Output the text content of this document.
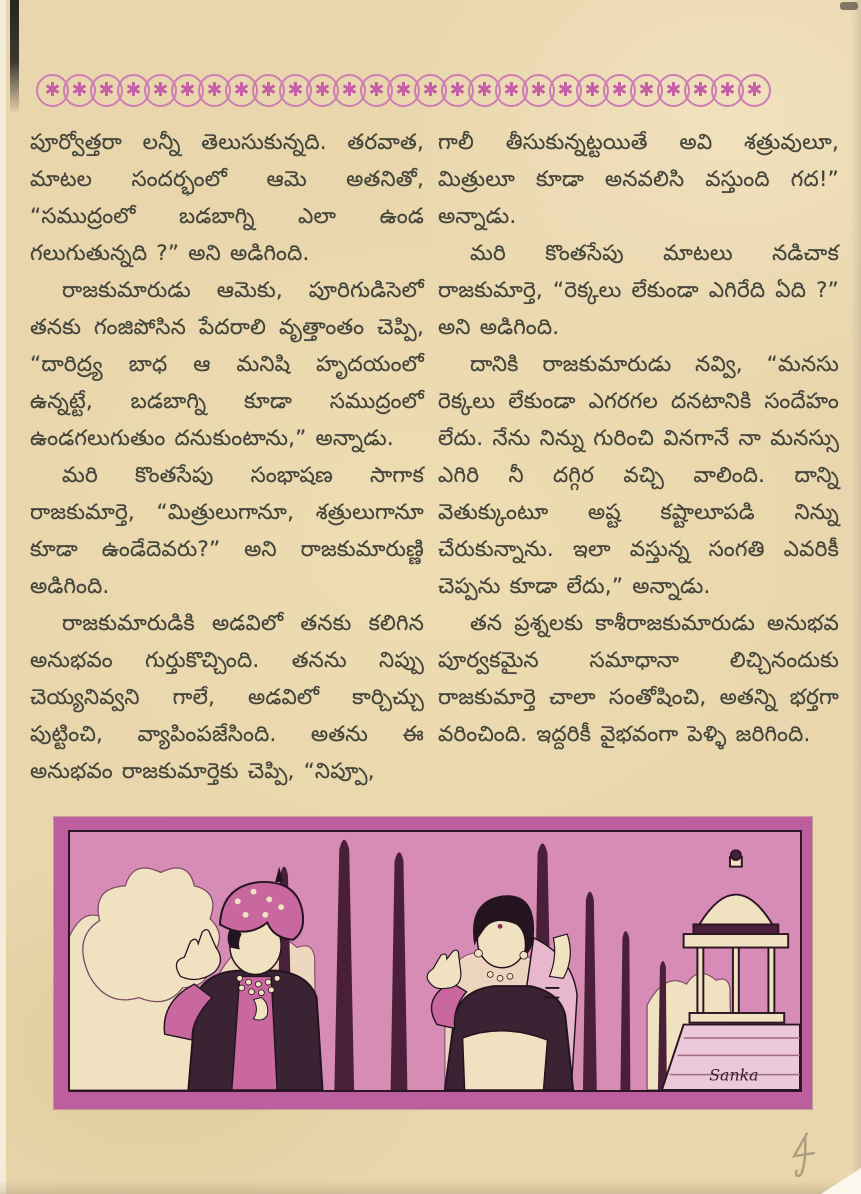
✱ ✱ ✱ ✱ ✱ ✱ ✱ ✱ ✱ ✱ ✱ ✱ ✱ ✱ ✱ ✱ ✱ ✱ ✱ ✱ ✱ ✱ ✱ ✱ ✱ ✱ ✱

పూర్వోత్తరా లన్నీ తెలుసుకున్నది. తరవాత, మాటల సందర్భంలో ఆమె అతనితో, “సముద్రంలో బడబాగ్ని ఎలా ఉండ గలుగుతున్నది ?” అని అడిగింది.

రాజకుమారుడు ఆమెకు, పూరిగుడిసెలో తనకు గంజిపోసిన పేదరాలి వృత్తాంతం చెప్పి, “దారిద్ర్య బాధ ఆ మనిషి హృదయంలో ఉన్నట్టే, బడబాగ్ని కూడా సముద్రంలో ఉండగలుగుతుం దనుకుంటాను,” అన్నాడు.

మరి కొంతసేపు సంభాషణ సాగాక రాజకుమార్తె, “మిత్రులుగానూ, శత్రులుగానూ కూడా ఉండేదెవరు?” అని రాజకుమారుణ్ణి అడిగింది.

రాజకుమారుడికి అడవిలో తనకు కలిగిన అనుభవం గుర్తుకొచ్చింది. తనను నిప్పు చెయ్యనివ్వని గాలే, అడవిలో కార్చిచ్చు పుట్టించి, వ్యాపింపజేసింది. అతను ఈ అనుభవం రాజకుమార్తెకు చెప్పి, “నిప్పూ,

గాలీ తీసుకున్నట్టయితే అవి శత్రువులూ, మిత్రులూ కూడా అనవలిసి వస్తుంది గద!” అన్నాడు.

మరి కొంతసేపు మాటలు నడిచాక రాజకుమార్తె, “రెక్కలు లేకుండా ఎగిరేది ఏది ?” అని అడిగింది.

దానికి రాజకుమారుడు నవ్వి, “మనసు రెక్కలు లేకుండా ఎగరగల దనటానికి సందేహం లేదు. నేను నిన్ను గురించి వినగానే నా మనస్సు ఎగిరి నీ దగ్గిర వచ్చి వాలింది. దాన్ని వెతుక్కుంటూ అష్ట కష్టాలూపడి నిన్ను చేరుకున్నాను. ఇలా వస్తున్న సంగతి ఎవరికీ చెప్పను కూడా లేదు,” అన్నాడు.

తన ప్రశ్నలకు కాశీరాజకుమారుడు అనుభవ పూర్వకమైన సమాధానా లిచ్చినందుకు రాజకుమార్తె చాలా సంతోషించి, అతన్ని భర్తగా వరించింది. ఇద్దరికీ వైభవంగా పెళ్ళి జరిగింది.

Sanka
